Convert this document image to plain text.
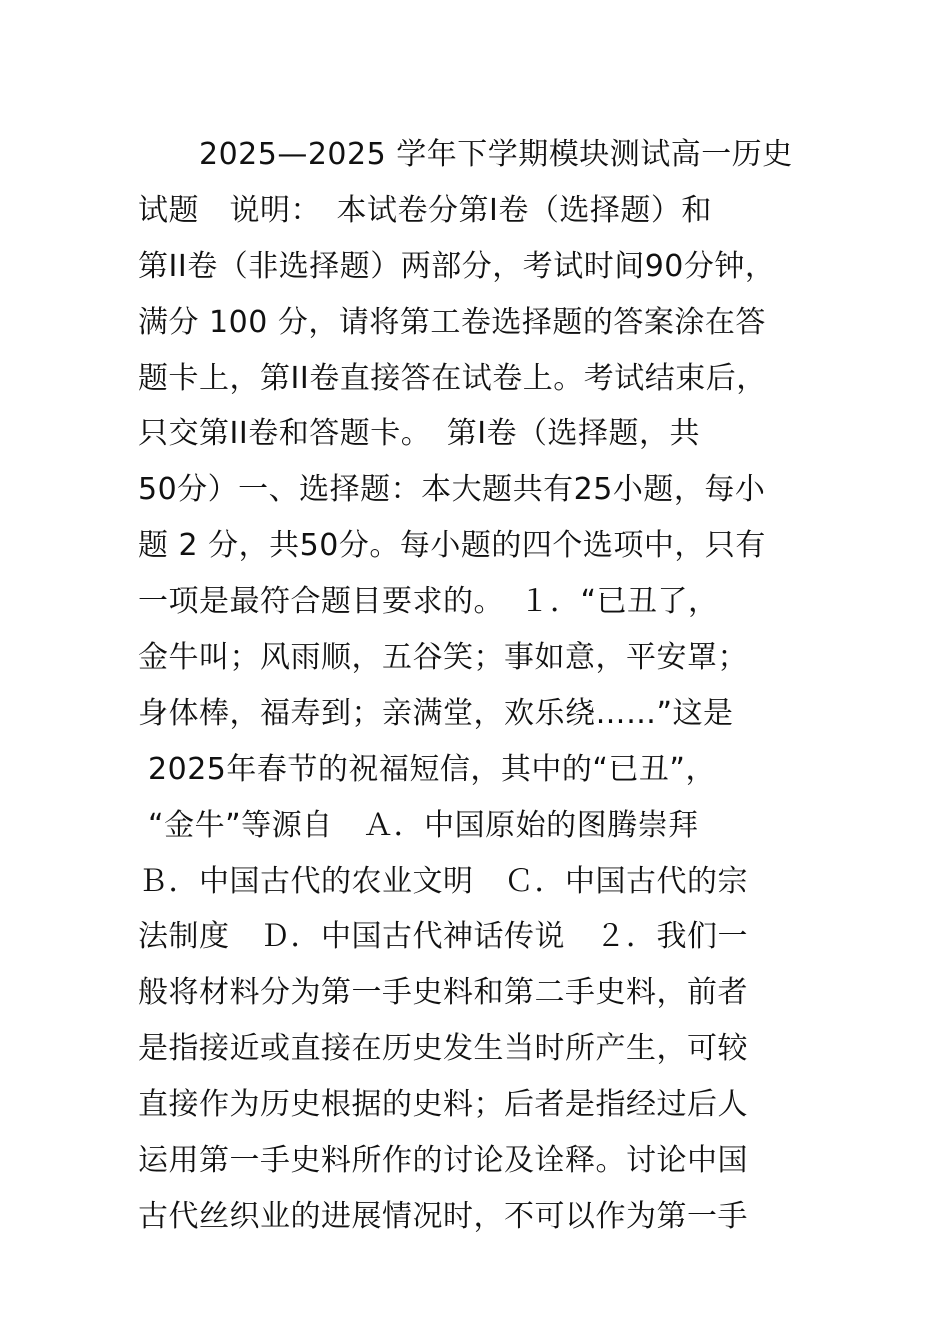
　　2025—2025 学年下学期模块测试高一历史
试题　说明：　本试卷分第Ⅰ卷（选择题）和
第II卷（非选择题）两部分，考试时间90分钟，
满分 100 分，请将第工卷选择题的答案涂在答
题卡上，第II卷直接答在试卷上。考试结束后，
只交第II卷和答题卡。　第Ⅰ卷（选择题，共
50分）一、选择题：本大题共有25小题，每小
题 2 分，共50分。每小题的四个选项中，只有
一项是最符合题目要求的。　１．“已丑了，
金牛叫；风雨顺，五谷笑；事如意，平安罩；
身体棒，福寿到；亲满堂，欢乐绕……”这是
2025年春节的祝福短信，其中的“已丑”，
“金牛”等源自　Ａ．中国原始的图腾崇拜
Ｂ．中国古代的农业文明　Ｃ．中国古代的宗
法制度　Ｄ．中国古代神话传说　２．我们一
般将材料分为第一手史料和第二手史料，前者
是指接近或直接在历史发生当时所产生，可较
直接作为历史根据的史料；后者是指经过后人
运用第一手史料所作的讨论及诠释。讨论中国
古代丝织业的进展情况时，不可以作为第一手
